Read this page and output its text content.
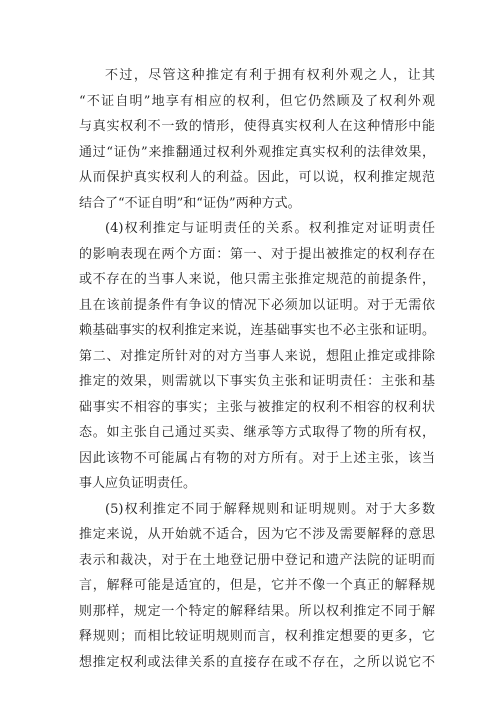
不过，尽管这种推定有利于拥有权利外观之人，让其
“不证自明”地享有相应的权利，但它仍然顾及了权利外观
与真实权利不一致的情形，使得真实权利人在这种情形中能
通过“证伪”来推翻通过权利外观推定真实权利的法律效果，
从而保护真实权利人的利益。因此，可以说，权利推定规范
结合了“不证自明”和“证伪”两种方式。
(4)权利推定与证明责任的关系。权利推定对证明责任
的影响表现在两个方面：第一、对于提出被推定的权利存在
或不存在的当事人来说，他只需主张推定规范的前提条件，
且在该前提条件有争议的情况下必须加以证明。对于无需依
赖基础事实的权利推定来说，连基础事实也不必主张和证明。
第二、对推定所针对的对方当事人来说，想阻止推定或排除
推定的效果，则需就以下事实负主张和证明责任：主张和基
础事实不相容的事实；主张与被推定的权利不相容的权利状
态。如主张自己通过买卖、继承等方式取得了物的所有权，
因此该物不可能属占有物的对方所有。对于上述主张，该当
事人应负证明责任。
(5)权利推定不同于解释规则和证明规则。对于大多数
推定来说，从开始就不适合，因为它不涉及需要解释的意思
表示和裁决，对于在土地登记册中登记和遗产法院的证明而
言，解释可能是适宜的，但是，它并不像一个真正的解释规
则那样，规定一个特定的解释结果。所以权利推定不同于解
释规则；而相比较证明规则而言，权利推定想要的更多，它
想推定权利或法律关系的直接存在或不存在，之所以说它不
